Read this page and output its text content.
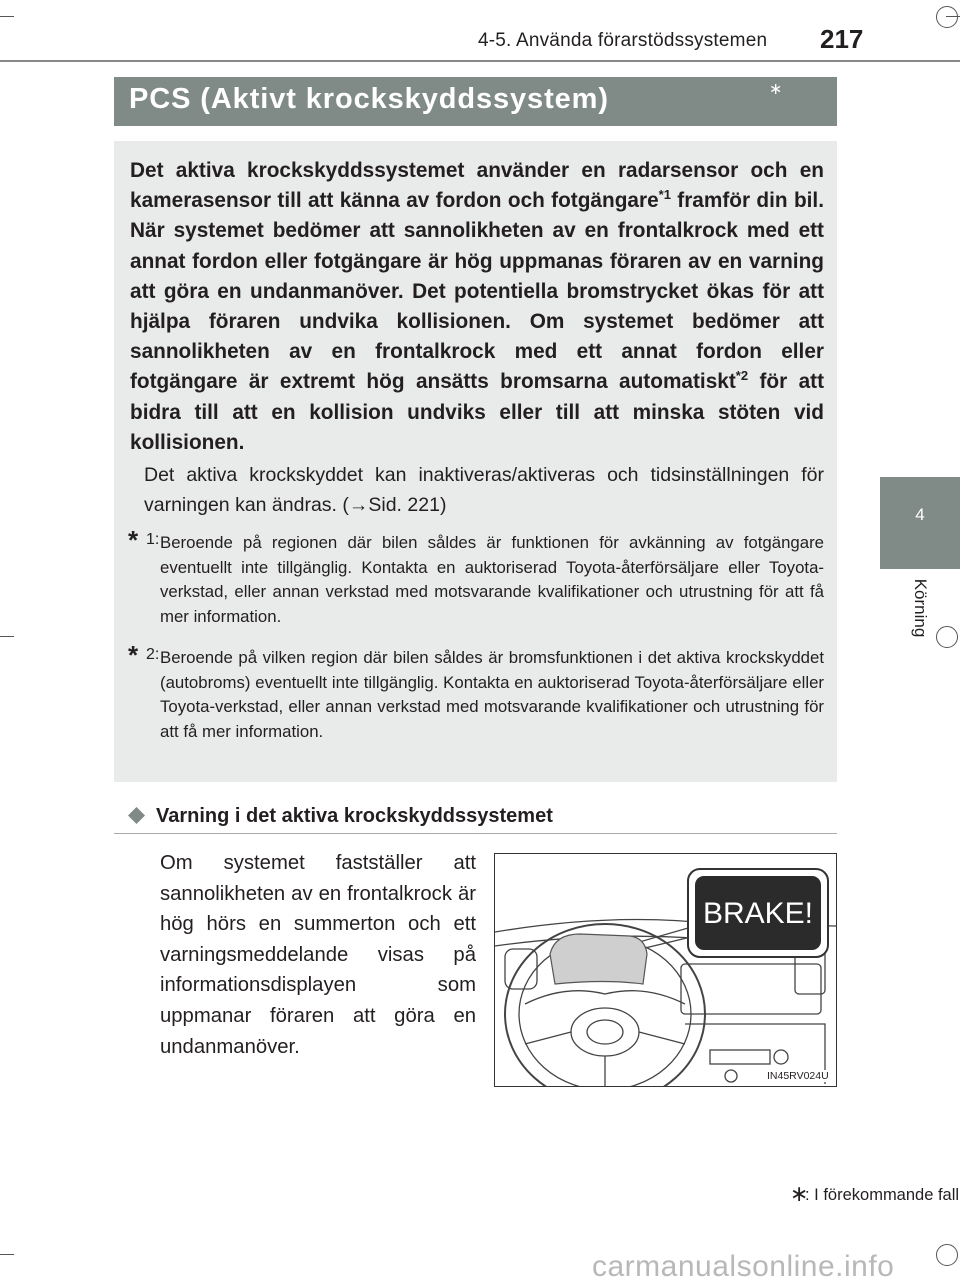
4-5. Använda förarstödssystemen 217
4
Körning
PCS (Aktivt krockskyddssystem)	∗

Det aktiva krockskyddssystemet använder en radarsensor och en kamerasensor till att känna av fordon och fotgängare$^{*1}$ framför din bil. När systemet bedömer att sannolikheten av en frontalkrock med ett annat fordon eller fotgängare är hög uppmanas föraren av en varning att göra en undanmanöver. Det potentiella bromstrycket ökas för att hjälpa föraren undvika kollisionen. Om systemet bedömer att sannolikheten av en frontalkrock med ett annat fordon eller fotgängare är extremt hög ansätts bromsarna automatiskt$^{*2}$ för att bidra till att en kollision undviks eller till att minska stöten vid kollisionen.

Det aktiva krockskyddet kan inaktiveras/aktiveras och tidsinställningen för varningen kan ändras. (→Sid. 221)

* 1: Beroende på regionen där bilen såldes är funktionen för avkänning av fotgängare eventuellt inte tillgänglig. Kontakta en auktoriserad Toyota-återförsäljare eller Toyota-verkstad, eller annan verkstad med motsvarande kvalifikationer och utrustning för att få mer information.

* 2: Beroende på vilken region där bilen såldes är bromsfunktionen i det aktiva krockskyddet (autobroms) eventuellt inte tillgänglig. Kontakta en auktoriserad Toyota-återförsäljare eller Toyota-verkstad, eller annan verkstad med motsvarande kvalifikationer och utrustning för att få mer information.

Varning i det aktiva krockskyddssystemet

Om systemet fastställer att sannolikheten av en frontalkrock är hög hörs en summerton och ett varningsmeddelande visas på informationsdisplayen som uppmanar föraren att göra en undanmanöver.

BRAKE!
IN45RV024U
∗
: I förekommande fall
carmanualsonline.info
